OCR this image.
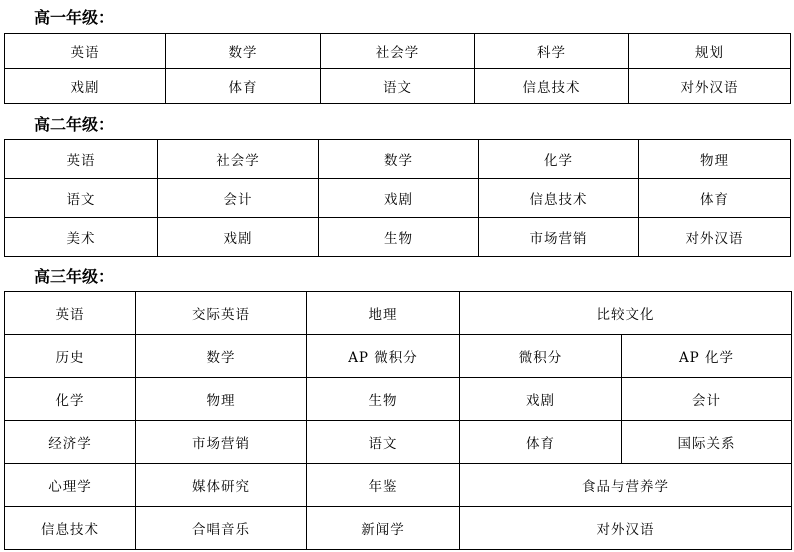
高一年级：
英语	数学	社会学	科学	规划
戏剧	体育	语文	信息技术	对外汉语
高二年级：
英语	社会学	数学	化学	物理
语文	会计	戏剧	信息技术	体育
美术	戏剧	生物	市场营销	对外汉语
高三年级：
英语	交际英语	地理	比较文化	
历史	数学	AP 微积分	微积分	AP 化学
化学	物理	生物	戏剧	会计
经济学	市场营销	语文	体育	国际关系
心理学	媒体研究	年鉴	食品与营养学	
信息技术	合唱音乐	新闻学	对外汉语	
